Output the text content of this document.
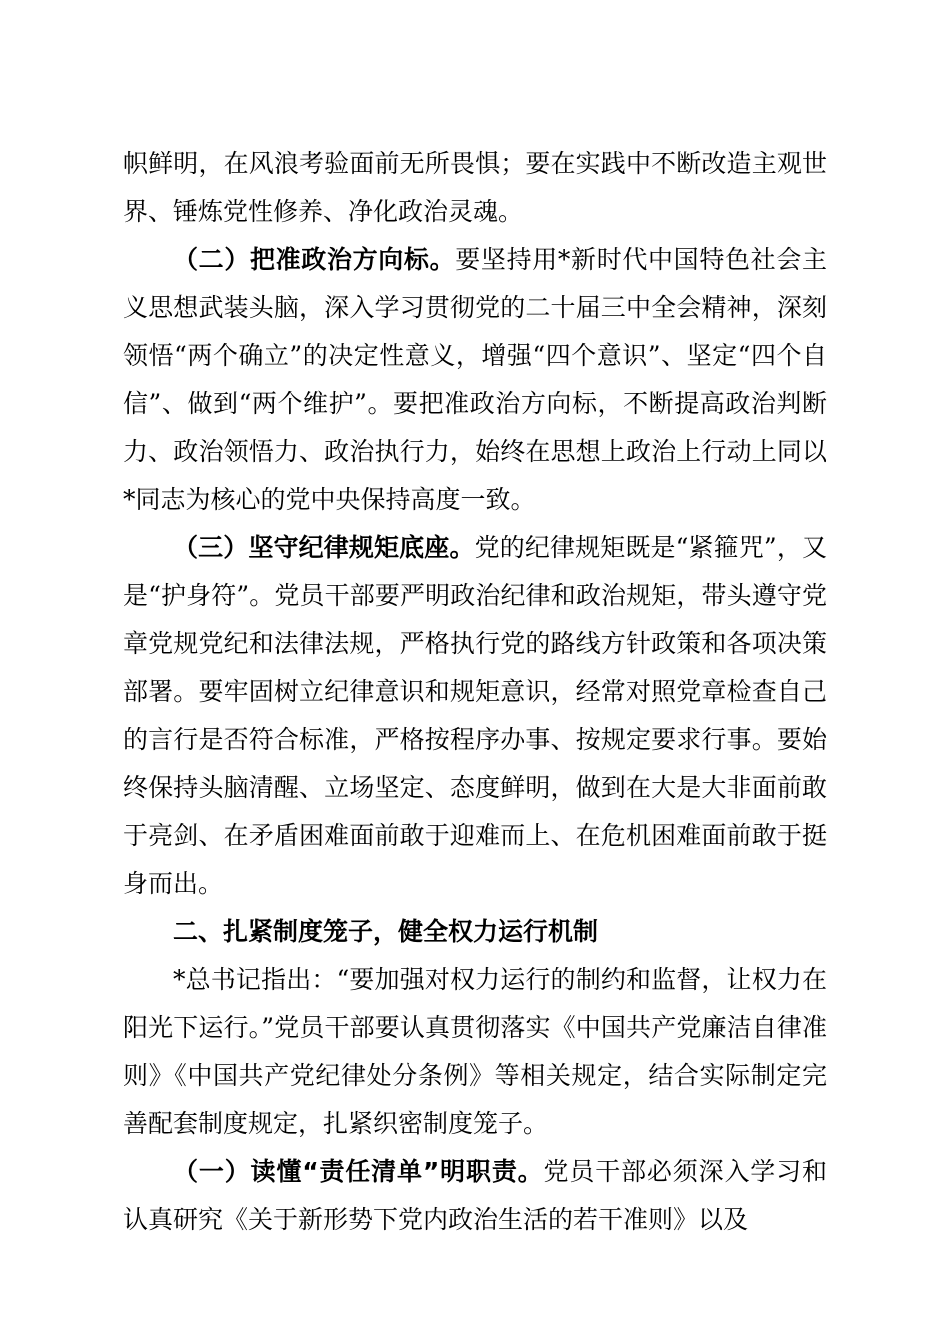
帜鲜明，在风浪考验面前无所畏惧；要在实践中不断改造主观世界、锤炼党性修养、净化政治灵魂。

（二）把准政治方向标。要坚持用*新时代中国特色社会主义思想武装头脑，深入学习贯彻党的二十届三中全会精神，深刻领悟“两个确立”的决定性意义，增强“四个意识”、坚定“四个自信”、做到“两个维护”。要把准政治方向标，不断提高政治判断力、政治领悟力、政治执行力，始终在思想上政治上行动上同以*同志为核心的党中央保持高度一致。

（三）坚守纪律规矩底座。党的纪律规矩既是“紧箍咒”，又是“护身符”。党员干部要严明政治纪律和政治规矩，带头遵守党章党规党纪和法律法规，严格执行党的路线方针政策和各项决策部署。要牢固树立纪律意识和规矩意识，经常对照党章检查自己的言行是否符合标准，严格按程序办事、按规定要求行事。要始终保持头脑清醒、立场坚定、态度鲜明，做到在大是大非面前敢于亮剑、在矛盾困难面前敢于迎难而上、在危机困难面前敢于挺身而出。

二、扎紧制度笼子，健全权力运行机制

*总书记指出：“要加强对权力运行的制约和监督，让权力在阳光下运行。”党员干部要认真贯彻落实《中国共产党廉洁自律准则》《中国共产党纪律处分条例》等相关规定，结合实际制定完善配套制度规定，扎紧织密制度笼子。

（一）读懂“责任清单”明职责。党员干部必须深入学习和认真研究《关于新形势下党内政治生活的若干准则》以及
